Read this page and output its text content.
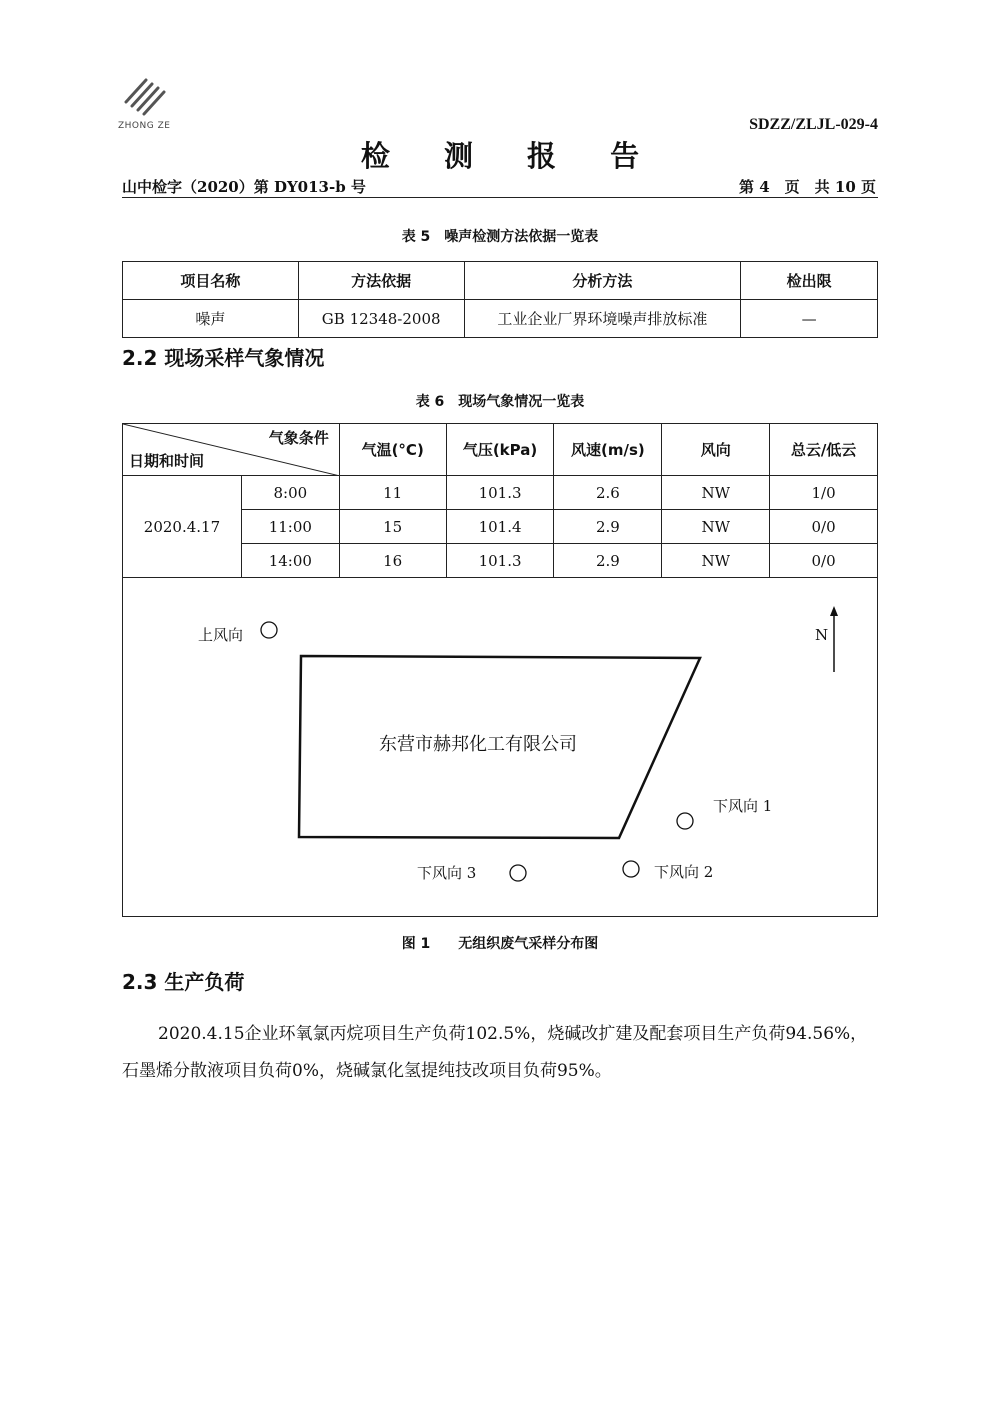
ZHONG ZE	SDZZ/ZLJL-029-4
检 测 报 告
山中检字（2020）第 DY013-b 号	第 4　页　共 10 页
表 5　噪声检测方法依据一览表
项目名称	方法依据	分析方法	检出限
噪声	GB 12348-2008	工业企业厂界环境噪声排放标准	—
2.2 现场采样气象情况
表 6　现场气象情况一览表
气象条件
日期和时间		气温(°C)	气压(kPa)	风速(m/s)	风向	总云/低云
2020.4.17	8:00	11	101.3	2.6	NW	1/0
	11:00	15	101.4	2.9	NW	0/0
	14:00	16	101.3	2.9	NW	0/0
N
上风向
东营市赫邦化工有限公司
下风向 1
下风向 2
下风向 3
图 1　　无组织废气采样分布图
2.3 生产负荷
2020.4.15企业环氧氯丙烷项目生产负荷102.5%，烧碱改扩建及配套项目生产负荷94.56%，石墨烯分散液项目负荷0%，烧碱氯化氢提纯技改项目负荷95%。
